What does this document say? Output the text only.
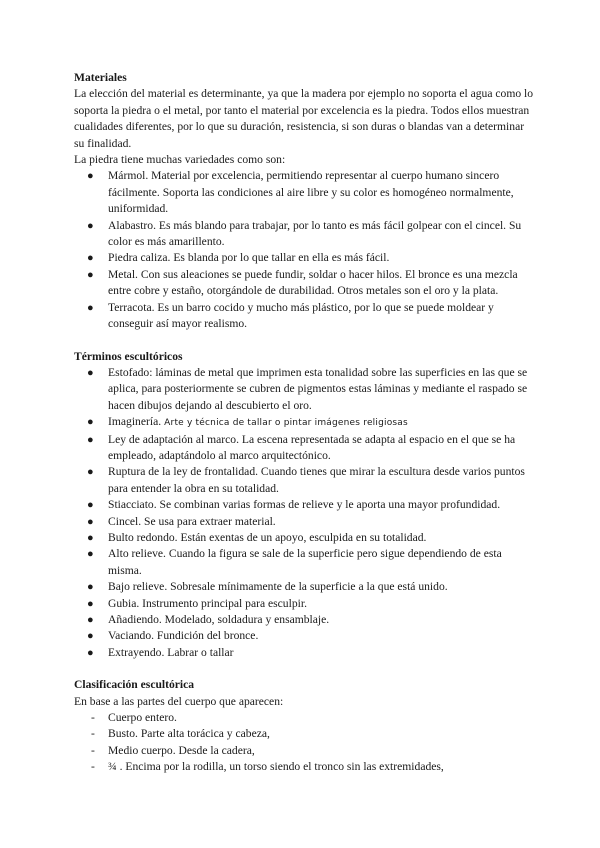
Materiales

La elección del material es determinante, ya que la madera por ejemplo no soporta el agua como lo soporta la piedra o el metal, por tanto el material por excelencia es la piedra. Todos ellos muestran cualidades diferentes, por lo que su duración, resistencia, si son duras o blandas van a determinar su finalidad.

La piedra tiene muchas variedades como son:

● Mármol. Material por excelencia, permitiendo representar al cuerpo humano sincero fácilmente. Soporta las condiciones al aire libre y su color es homogéneo normalmente, uniformidad.
● Alabastro. Es más blando para trabajar, por lo tanto es más fácil golpear con el cincel. Su color es más amarillento.
● Piedra caliza. Es blanda por lo que tallar en ella es más fácil.
● Metal. Con sus aleaciones se puede fundir, soldar o hacer hilos. El bronce es una mezcla entre cobre y estaño, otorgándole de durabilidad. Otros metales son el oro y la plata.
● Terracota. Es un barro cocido y mucho más plástico, por lo que se puede moldear y conseguir así mayor realismo.
Términos escultóricos
● Estofado: láminas de metal que imprimen esta tonalidad sobre las superficies en las que se aplica, para posteriormente se cubren de pigmentos estas láminas y mediante el raspado se hacen dibujos dejando al descubierto el oro.
● Imaginería. Arte y técnica de tallar o pintar imágenes religiosas
● Ley de adaptación al marco. La escena representada se adapta al espacio en el que se ha empleado, adaptándolo al marco arquitectónico.
● Ruptura de la ley de frontalidad. Cuando tienes que mirar la escultura desde varios puntos para entender la obra en su totalidad.
● Stiacciato. Se combinan varias formas de relieve y le aporta una mayor profundidad.
● Cincel. Se usa para extraer material.
● Bulto redondo. Están exentas de un apoyo, esculpida en su totalidad.
● Alto relieve. Cuando la figura se sale de la superficie pero sigue dependiendo de esta misma.
● Bajo relieve. Sobresale mínimamente de la superficie a la que está unido.
● Gubia. Instrumento principal para esculpir.
● Añadiendo. Modelado, soldadura y ensamblaje.
● Vaciando. Fundición del bronce.
● Extrayendo. Labrar o tallar
Clasificación escultórica

En base a las partes del cuerpo que aparecen:

- Cuerpo entero.
- Busto. Parte alta torácica y cabeza,
- Medio cuerpo. Desde la cadera,
- ¾ . Encima por la rodilla, un torso siendo el tronco sin las extremidades,
